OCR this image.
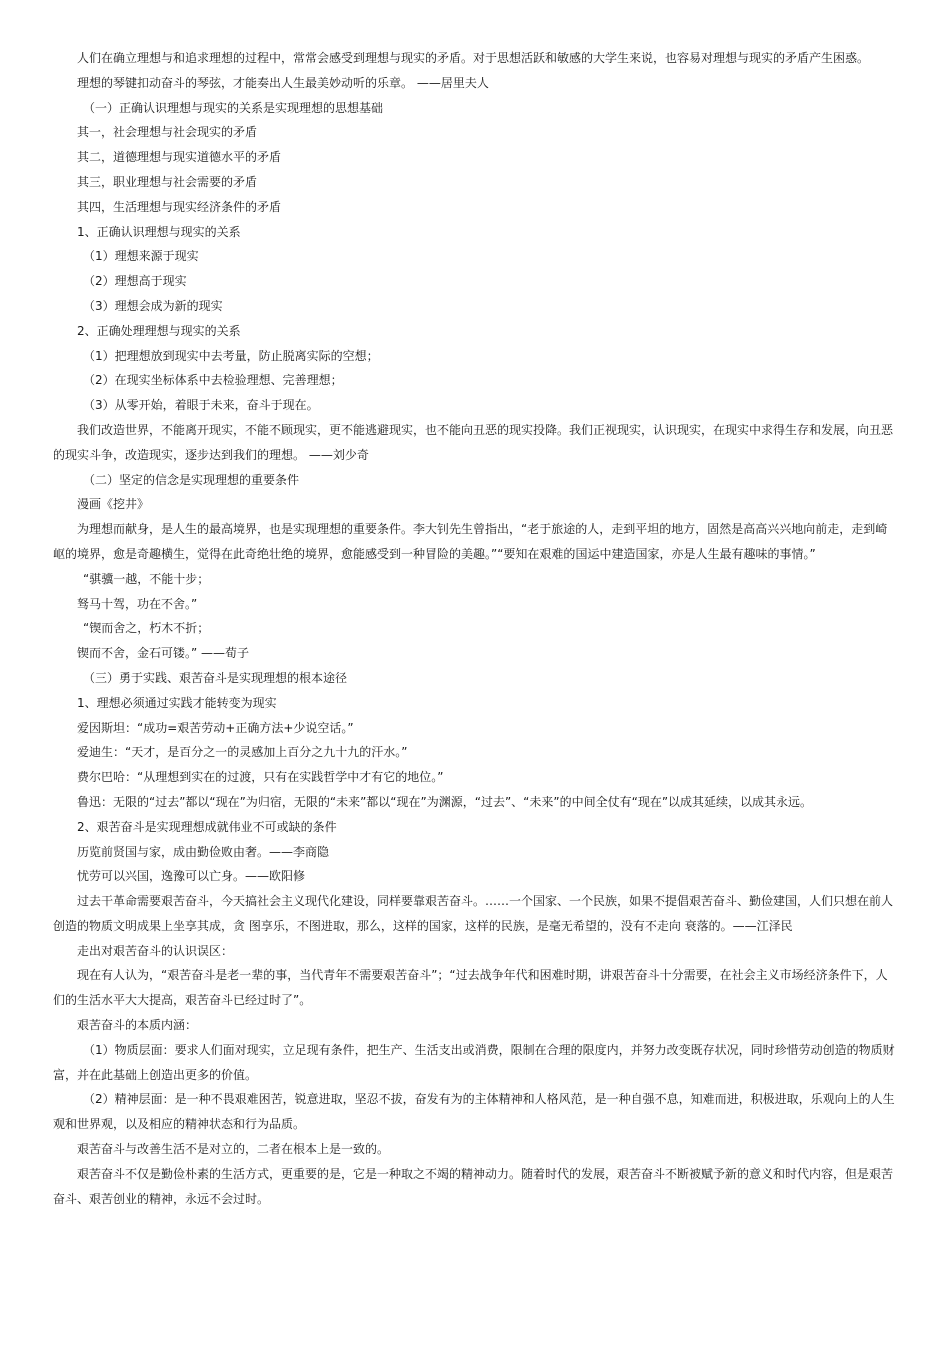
人们在确立理想与和追求理想的过程中，常常会感受到理想与现实的矛盾。对于思想活跃和敏感的大学生来说，也容易对理想与现实的矛盾产生困惑。

理想的琴键扣动奋斗的琴弦，才能奏出人生最美妙动听的乐章。 ——居里夫人

（一）正确认识理想与现实的关系是实现理想的思想基础

其一，社会理想与社会现实的矛盾

其二，道德理想与现实道德水平的矛盾

其三，职业理想与社会需要的矛盾

其四，生活理想与现实经济条件的矛盾

1、正确认识理想与现实的关系

（1）理想来源于现实

（2）理想高于现实

（3）理想会成为新的现实

2、正确处理理想与现实的关系

（1）把理想放到现实中去考量，防止脱离实际的空想；

（2）在现实坐标体系中去检验理想、完善理想；

（3）从零开始，着眼于未来，奋斗于现在。

我们改造世界，不能离开现实，不能不顾现实，更不能逃避现实，也不能向丑恶的现实投降。我们正视现实，认识现实，在现实中求得生存和发展，向丑恶的现实斗争，改造现实，逐步达到我们的理想。 ——刘少奇

（二）坚定的信念是实现理想的重要条件

漫画《挖井》

为理想而献身，是人生的最高境界，也是实现理想的重要条件。李大钊先生曾指出，“老于旅途的人，走到平坦的地方，固然是高高兴兴地向前走，走到崎岖的境界，愈是奇趣横生，觉得在此奇绝壮绝的境界，愈能感受到一种冒险的美趣。”“要知在艰难的国运中建造国家，亦是人生最有趣味的事情。”

“骐骥一越，不能十步；

驽马十驾，功在不舍。”

“锲而舍之，朽木不折；

锲而不舍，金石可镂。” ——荀子

（三）勇于实践、艰苦奋斗是实现理想的根本途径

1、理想必须通过实践才能转变为现实

爱因斯坦：“成功=艰苦劳动+正确方法+少说空话。”

爱迪生：“天才，是百分之一的灵感加上百分之九十九的汗水。”

费尔巴哈：“从理想到实在的过渡，只有在实践哲学中才有它的地位。”

鲁迅：无限的“过去”都以“现在”为归宿，无限的“未来”都以“现在”为渊源，“过去”、“未来”的中间全仗有“现在”以成其延续，以成其永远。

2、艰苦奋斗是实现理想成就伟业不可或缺的条件

历览前贤国与家，成由勤俭败由奢。——李商隐

忧劳可以兴国，逸豫可以亡身。——欧阳修

过去干革命需要艰苦奋斗，今天搞社会主义现代化建设，同样要靠艰苦奋斗。……一个国家、一个民族，如果不提倡艰苦奋斗、勤俭建国，人们只想在前人创造的物质文明成果上坐享其成，贪 图享乐，不图进取，那么，这样的国家，这样的民族，是毫无希望的，没有不走向 衰落的。——江泽民

走出对艰苦奋斗的认识误区：

现在有人认为，“艰苦奋斗是老一辈的事，当代青年不需要艰苦奋斗”；“过去战争年代和困难时期，讲艰苦奋斗十分需要，在社会主义市场经济条件下，人们的生活水平大大提高，艰苦奋斗已经过时了”。

艰苦奋斗的本质内涵：

（1）物质层面：要求人们面对现实，立足现有条件，把生产、生活支出或消费，限制在合理的限度内，并努力改变既存状况，同时珍惜劳动创造的物质财富，并在此基础上创造出更多的价值。

（2）精神层面：是一种不畏艰难困苦，锐意进取，坚忍不拔，奋发有为的主体精神和人格风范，是一种自强不息，知难而进，积极进取，乐观向上的人生观和世界观，以及相应的精神状态和行为品质。

艰苦奋斗与改善生活不是对立的，二者在根本上是一致的。

艰苦奋斗不仅是勤俭朴素的生活方式，更重要的是，它是一种取之不竭的精神动力。随着时代的发展，艰苦奋斗不断被赋予新的意义和时代内容，但是艰苦奋斗、艰苦创业的精神，永远不会过时。
